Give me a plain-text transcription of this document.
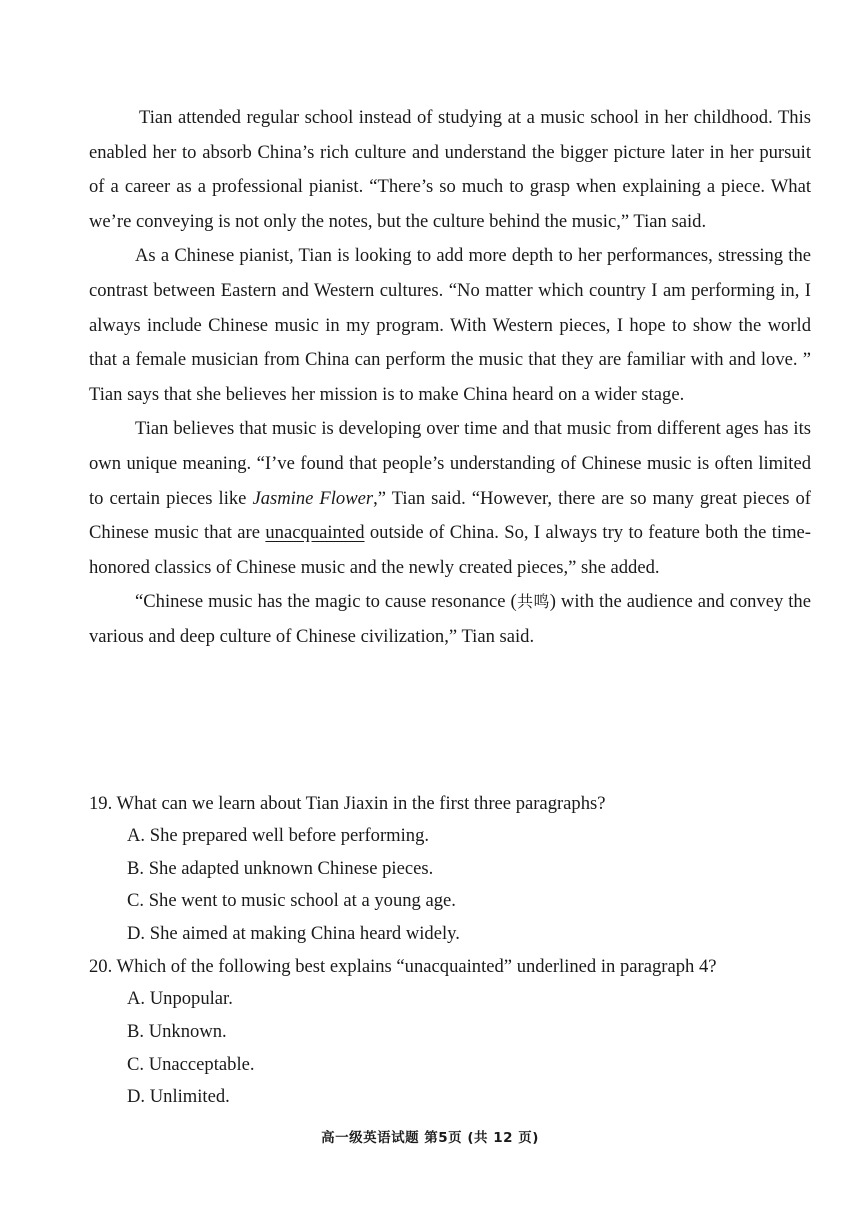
Tian attended regular school instead of studying at a music school in her childhood. This enabled her to absorb China’s rich culture and understand the bigger picture later in her pursuit of a career as a professional pianist. “There’s so much to grasp when explaining a piece. What we’re conveying is not only the notes, but the culture behind the music,” Tian said.

As a Chinese pianist, Tian is looking to add more depth to her performances, stressing the contrast between Eastern and Western cultures. “No matter which country I am performing in, I always include Chinese music in my program. With Western pieces, I hope to show the world that a female musician from China can perform the music that they are familiar with and love. ” Tian says that she believes her mission is to make China heard on a wider stage.

Tian believes that music is developing over time and that music from different ages has its own unique meaning. “I’ve found that people’s understanding of Chinese music is often limited to certain pieces like Jasmine Flower,” Tian said. “However, there are so many great pieces of Chinese music that are unacquainted outside of China. So, I always try to feature both the time-honored classics of Chinese music and the newly created pieces,” she added.

“Chinese music has the magic to cause resonance (共鸣) with the audience and convey the various and deep culture of Chinese civilization,” Tian said.

19. What can we learn about Tian Jiaxin in the first three paragraphs?
A. She prepared well before performing.
B. She adapted unknown Chinese pieces.
C. She went to music school at a young age.
D. She aimed at making China heard widely.
20. Which of the following best explains “unacquainted” underlined in paragraph 4?
A. Unpopular.
B. Unknown.
C. Unacceptable.
D. Unlimited.
高一级英语试题 第5页 (共 12 页)
